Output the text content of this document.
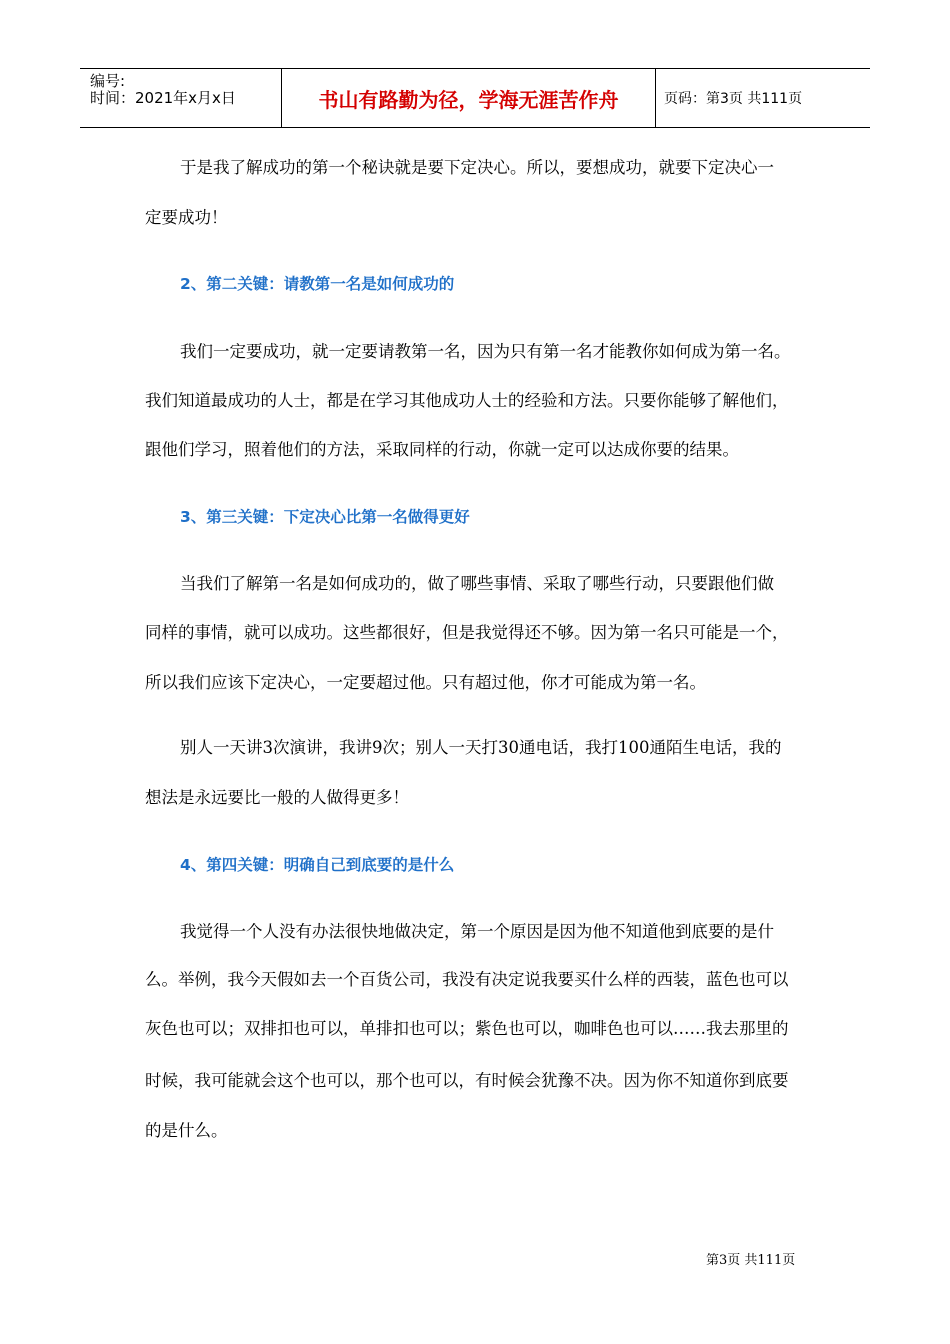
编号:
时间：2021年x月x日	书山有路勤为径，学海无涯苦作舟	页码：第3页 共111页
于是我了解成功的第一个秘诀就是要下定决心。所以，要想成功，就要下定决心一
定要成功！
2、第二关键：请教第一名是如何成功的
我们一定要成功，就一定要请教第一名，因为只有第一名才能教你如何成为第一名。
我们知道最成功的人士，都是在学习其他成功人士的经验和方法。只要你能够了解他们，
跟他们学习，照着他们的方法，采取同样的行动，你就一定可以达成你要的结果。
3、第三关键：下定决心比第一名做得更好
当我们了解第一名是如何成功的，做了哪些事情、采取了哪些行动，只要跟他们做
同样的事情，就可以成功。这些都很好，但是我觉得还不够。因为第一名只可能是一个，
所以我们应该下定决心，一定要超过他。只有超过他，你才可能成为第一名。
别人一天讲3次演讲，我讲9次；别人一天打30通电话，我打100通陌生电话，我的
想法是永远要比一般的人做得更多！
4、第四关键：明确自己到底要的是什么
我觉得一个人没有办法很快地做决定，第一个原因是因为他不知道他到底要的是什
么。举例，我今天假如去一个百货公司，我没有决定说我要买什么样的西装，蓝色也可以
灰色也可以；双排扣也可以，单排扣也可以；紫色也可以，咖啡色也可以……我去那里的
时候，我可能就会这个也可以，那个也可以，有时候会犹豫不决。因为你不知道你到底要
的是什么。
第3页 共111页
